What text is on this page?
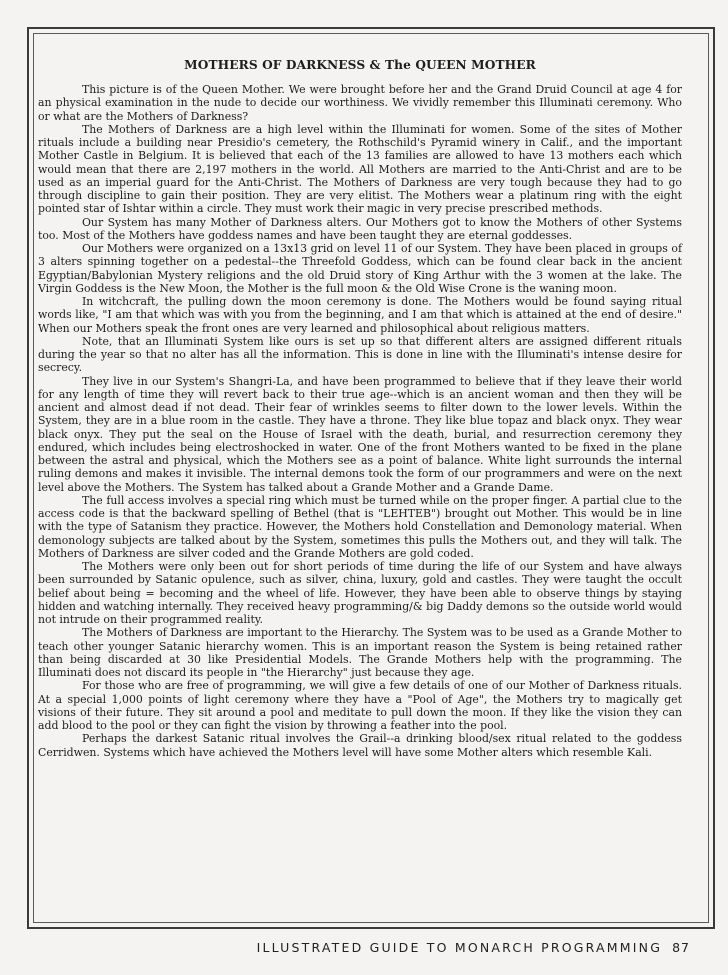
MOTHERS OF DARKNESS & The QUEEN MOTHER

This picture is of the Queen Mother. We were brought before her and the Grand Druid Council at age 4 for an physical examination in the nude to decide our worthiness. We vividly remember this Illuminati ceremony. Who or what are the Mothers of Darkness?

The Mothers of Darkness are a high level within the Illuminati for women. Some of the sites of Mother rituals include a building near Presidio's cemetery, the Rothschild's Pyramid winery in Calif., and the important Mother Castle in Belgium. It is believed that each of the 13 families are allowed to have 13 mothers each which would mean that there are 2,197 mothers in the world. All Mothers are married to the Anti-Christ and are to be used as an imperial guard for the Anti-Christ. The Mothers of Darkness are very tough because they had to go through discipline to gain their position. They are very elitist. The Mothers wear a platinum ring with the eight pointed star of Ishtar within a circle. They must work their magic in very precise prescribed methods.

Our System has many Mother of Darkness alters. Our Mothers got to know the Mothers of other Systems too. Most of the Mothers have goddess names and have been taught they are eternal goddesses.

Our Mothers were organized on a 13x13 grid on level 11 of our System. They have been placed in groups of 3 alters spinning together on a pedestal--the Threefold Goddess, which can be found clear back in the ancient Egyptian/Babylonian Mystery religions and the old Druid story of King Arthur with the 3 women at the lake. The Virgin Goddess is the New Moon, the Mother is the full moon & the Old Wise Crone is the waning moon.

In witchcraft, the pulling down the moon ceremony is done. The Mothers would be found saying ritual words like, "I am that which was with you from the beginning, and I am that which is attained at the end of desire." When our Mothers speak the front ones are very learned and philosophical about religious matters.

Note, that an Illuminati System like ours is set up so that different alters are assigned different rituals during the year so that no alter has all the information. This is done in line with the Illuminati's intense desire for secrecy.

They live in our System's Shangri-La, and have been programmed to believe that if they leave their world for any length of time they will revert back to their true age--which is an ancient woman and then they will be ancient and almost dead if not dead. Their fear of wrinkles seems to filter down to the lower levels. Within the System, they are in a blue room in the castle. They have a throne. They like blue topaz and black onyx. They wear black onyx. They put the seal on the House of Israel with the death, burial, and resurrection ceremony they endured, which includes being electroshocked in water. One of the front Mothers wanted to be fixed in the plane between the astral and physical, which the Mothers see as a point of balance. White light surrounds the internal ruling demons and makes it invisible. The internal demons took the form of our programmers and were on the next level above the Mothers. The System has talked about a Grande Mother and a Grande Dame.

The full access involves a special ring which must be turned while on the proper finger. A partial clue to the access code is that the backward spelling of Bethel (that is "LEHTEB") brought out Mother. This would be in line with the type of Satanism they practice. However, the Mothers hold Constellation and Demonology material. When demonology subjects are talked about by the System, sometimes this pulls the Mothers out, and they will talk. The Mothers of Darkness are silver coded and the Grande Mothers are gold coded.

The Mothers were only been out for short periods of time during the life of our System and have always been surrounded by Satanic opulence, such as silver, china, luxury, gold and castles. They were taught the occult belief about being = becoming and the wheel of life. However, they have been able to observe things by staying hidden and watching internally. They received heavy programming/& big Daddy demons so the outside world would not intrude on their programmed reality.

The Mothers of Darkness are important to the Hierarchy. The System was to be used as a Grande Mother to teach other younger Satanic hierarchy women. This is an important reason the System is being retained rather than being discarded at 30 like Presidential Models. The Grande Mothers help with the programming. The Illuminati does not discard its people in "the Hierarchy" just because they age.

For those who are free of programming, we will give a few details of one of our Mother of Darkness rituals. At a special 1,000 points of light ceremony where they have a "Pool of Age", the Mothers try to magically get visions of their future. They sit around a pool and meditate to pull down the moon. If they like the vision they can add blood to the pool or they can fight the vision by throwing a feather into the pool.

Perhaps the darkest Satanic ritual involves the Grail--a drinking blood/sex ritual related to the goddess Cerridwen. Systems which have achieved the Mothers level will have some Mother alters which resemble Kali.

ILLUSTRATED GUIDE TO MONARCH PROGRAMMING 87
